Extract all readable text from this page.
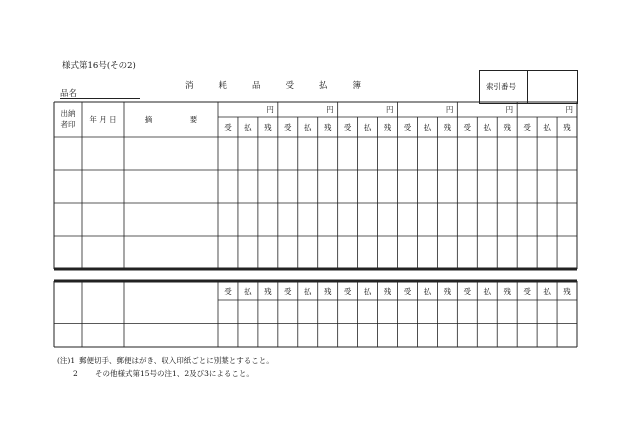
様式第16号(その2)
消耗品受払簿
品名
索引番号
出納
者印
年 月 日	摘　　　　　要
円
受
受
払
払
残
残
円
受
受
払
払
残
残
円
受
受
払
払
残
残
円
受
受
払
払
残
残
円
受
受
払
払
残
残
円
受
受
払
払
残
残
(注)1 郵便切手、郵便はがき、収入印紙ごとに別葉とすること。
2 その他様式第15号の注1、2及び3によること。
